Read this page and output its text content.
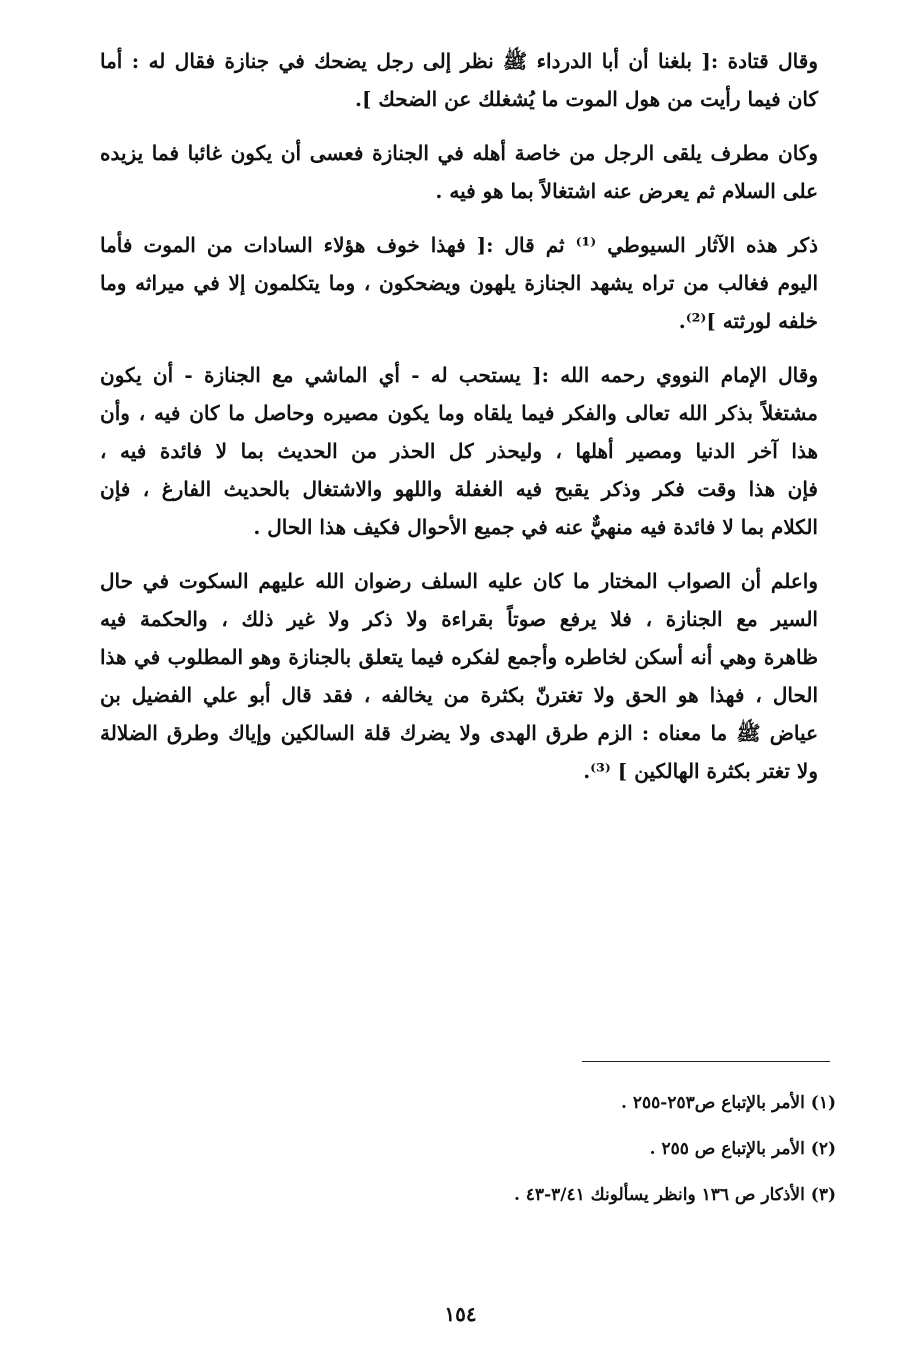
وقال قتادة :[ بلغنا أن أبا الدرداء ﷺ نظر إلى رجل يضحك في جنازة فقال له : أما
كان فيما رأيت من هول الموت ما يُشغلك عن الضحك ].
وكان مطرف يلقى الرجل من خاصة أهله في الجنازة فعسى أن يكون غائبا فما يزيده
على السلام ثم يعرض عنه اشتغالاً بما هو فيه .
ذكر هذه الآثار السيوطي ⁽¹⁾ ثم قال :[ فهذا خوف هؤلاء السادات من الموت فأما
اليوم فغالب من تراه يشهد الجنازة يلهون ويضحكون ، وما يتكلمون إلا في ميراثه وما
خلفه لورثته ]⁽²⁾.
وقال الإمام النووي رحمه الله :[ يستحب له - أي الماشي مع الجنازة - أن يكون
مشتغلاً بذكر الله تعالى والفكر فيما يلقاه وما يكون مصيره وحاصل ما كان فيه ، وأن
هذا آخر الدنيا ومصير أهلها ، وليحذر كل الحذر من الحديث بما لا فائدة فيه ،
فإن هذا وقت فكر وذكر يقبح فيه الغفلة واللهو والاشتغال بالحديث الفارغ ، فإن
الكلام بما لا فائدة فيه منهيٌّ عنه في جميع الأحوال فكيف هذا الحال .
واعلم أن الصواب المختار ما كان عليه السلف رضوان الله عليهم السكوت في حال
السير مع الجنازة ، فلا يرفع صوتاً بقراءة ولا ذكر ولا غير ذلك ، والحكمة فيه
ظاهرة وهي أنه أسكن لخاطره وأجمع لفكره فيما يتعلق بالجنازة وهو المطلوب في هذا
الحال ، فهذا هو الحق ولا تغترنّ بكثرة من يخالفه ، فقد قال أبو علي الفضيل بن
عياض ﷺ ما معناه : الزم طرق الهدى ولا يضرك قلة السالكين وإياك وطرق الضلالة
ولا تغتر بكثرة الهالكين ] ⁽³⁾.
(١) الأمر بالإتباع ص٢٥٣-٢٥٥ .
(٢) الأمر بالإتباع ص ٢٥٥ .
(٣) الأذكار ص ١٣٦ وانظر يسألونك ٣/٤١-٤٣ .
١٥٤
